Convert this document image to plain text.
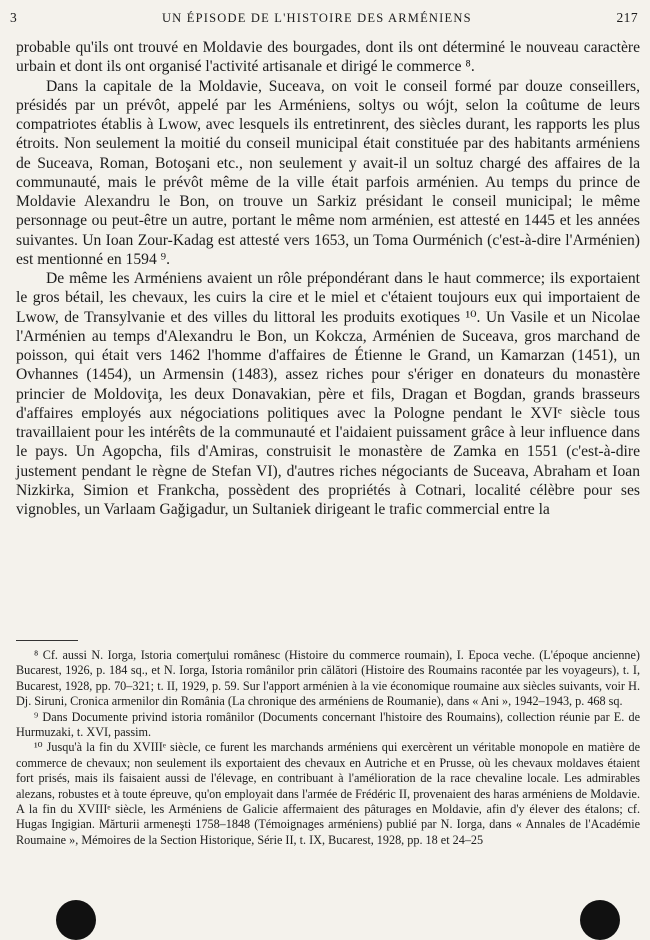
3	UN ÉPISODE DE L'HISTOIRE DES ARMÉNIENS	217

probable qu'ils ont trouvé en Moldavie des bourgades, dont ils ont déterminé le nouveau caractère urbain et dont ils ont organisé l'activité artisanale et dirigé le commerce ⁸.

Dans la capitale de la Moldavie, Suceava, on voit le conseil formé par douze conseillers, présidés par un prévôt, appelé par les Arméniens, soltys ou wójt, selon la coûtume de leurs compatriotes établis à Lwow, avec lesquels ils entretinrent, des siècles durant, les rapports les plus étroits. Non seulement la moitié du conseil municipal était constituée par des habitants arméniens de Suceava, Roman, Botoşani etc., non seulement y avait-il un soltuz chargé des affaires de la communauté, mais le prévôt même de la ville était parfois arménien. Au temps du prince de Moldavie Alexandru le Bon, on trouve un Sarkiz présidant le conseil municipal; le même personnage ou peut-être un autre, portant le même nom arménien, est attesté en 1445 et les années suivantes. Un Ioan Zour-Kadag est attesté vers 1653, un Toma Ourménich (c'est-à-dire l'Arménien) est mentionné en 1594 ⁹.

De même les Arméniens avaient un rôle prépondérant dans le haut commerce; ils exportaient le gros bétail, les chevaux, les cuirs la cire et le miel et c'étaient toujours eux qui importaient de Lwow, de Transylvanie et des villes du littoral les produits exotiques ¹⁰. Un Vasile et un Nicolae l'Arménien au temps d'Alexandru le Bon, un Kokcza, Arménien de Suceava, gros marchand de poisson, qui était vers 1462 l'homme d'affaires de Étienne le Grand, un Kamarzan (1451), un Ovhannes (1454), un Armensin (1483), assez riches pour s'ériger en donateurs du monastère princier de Moldoviţa, les deux Donavakian, père et fils, Dragan et Bogdan, grands brasseurs d'affaires employés aux négociations politiques avec la Pologne pendant le XVIᵉ siècle tous travaillaient pour les intérêts de la communauté et l'aidaient puissament grâce à leur influence dans le pays. Un Agopcha, fils d'Amiras, construisit le monastère de Zamka en 1551 (c'est-à-dire justement pendant le règne de Stefan VI), d'autres riches négociants de Suceava, Abraham et Ioan Nizkirka, Simion et Frankcha, possèdent des propriétés à Cotnari, localité célèbre pour ses vignobles, un Varlaam Gağigadur, un Sultaniek dirigeant le trafic commercial entre la

⁸ Cf. aussi N. Iorga, Istoria comerţului românesc (Histoire du commerce roumain), I. Epoca veche. (L'époque ancienne) Bucarest, 1926, p. 184 sq., et N. Iorga, Istoria românilor prin călători (Histoire des Roumains racontée par les voyageurs), t. I, Bucarest, 1928, pp. 70–321; t. II, 1929, p. 59. Sur l'apport arménien à la vie économique roumaine aux siècles suivants, voir H. Dj. Siruni, Cronica armenilor din România (La chronique des arméniens de Roumanie), dans « Ani », 1942–1943, p. 468 sq.

⁹ Dans Documente privind istoria românilor (Documents concernant l'histoire des Roumains), collection réunie par E. de Hurmuzaki, t. XVI, passim.

¹⁰ Jusqu'à la fin du XVIIIᵉ siècle, ce furent les marchands arméniens qui exercèrent un véritable monopole en matière de commerce de chevaux; non seulement ils exportaient des chevaux en Autriche et en Prusse, où les chevaux moldaves étaient fort prisés, mais ils faisaient aussi de l'élevage, en contribuant à l'amélioration de la race chevaline locale. Les admirables alezans, robustes et à toute épreuve, qu'on employait dans l'armée de Frédéric II, provenaient des haras arméniens de Moldavie. A la fin du XVIIIᵉ siècle, les Arméniens de Galicie affermaient des pâturages en Moldavie, afin d'y élever des étalons; cf. Hugas Ingigian. Mărturii armeneşti 1758–1848 (Témoignages arméniens) publié par N. Iorga, dans « Annales de l'Académie Roumaine », Mémoires de la Section Historique, Série II, t. IX, Bucarest, 1928, pp. 18 et 24–25
